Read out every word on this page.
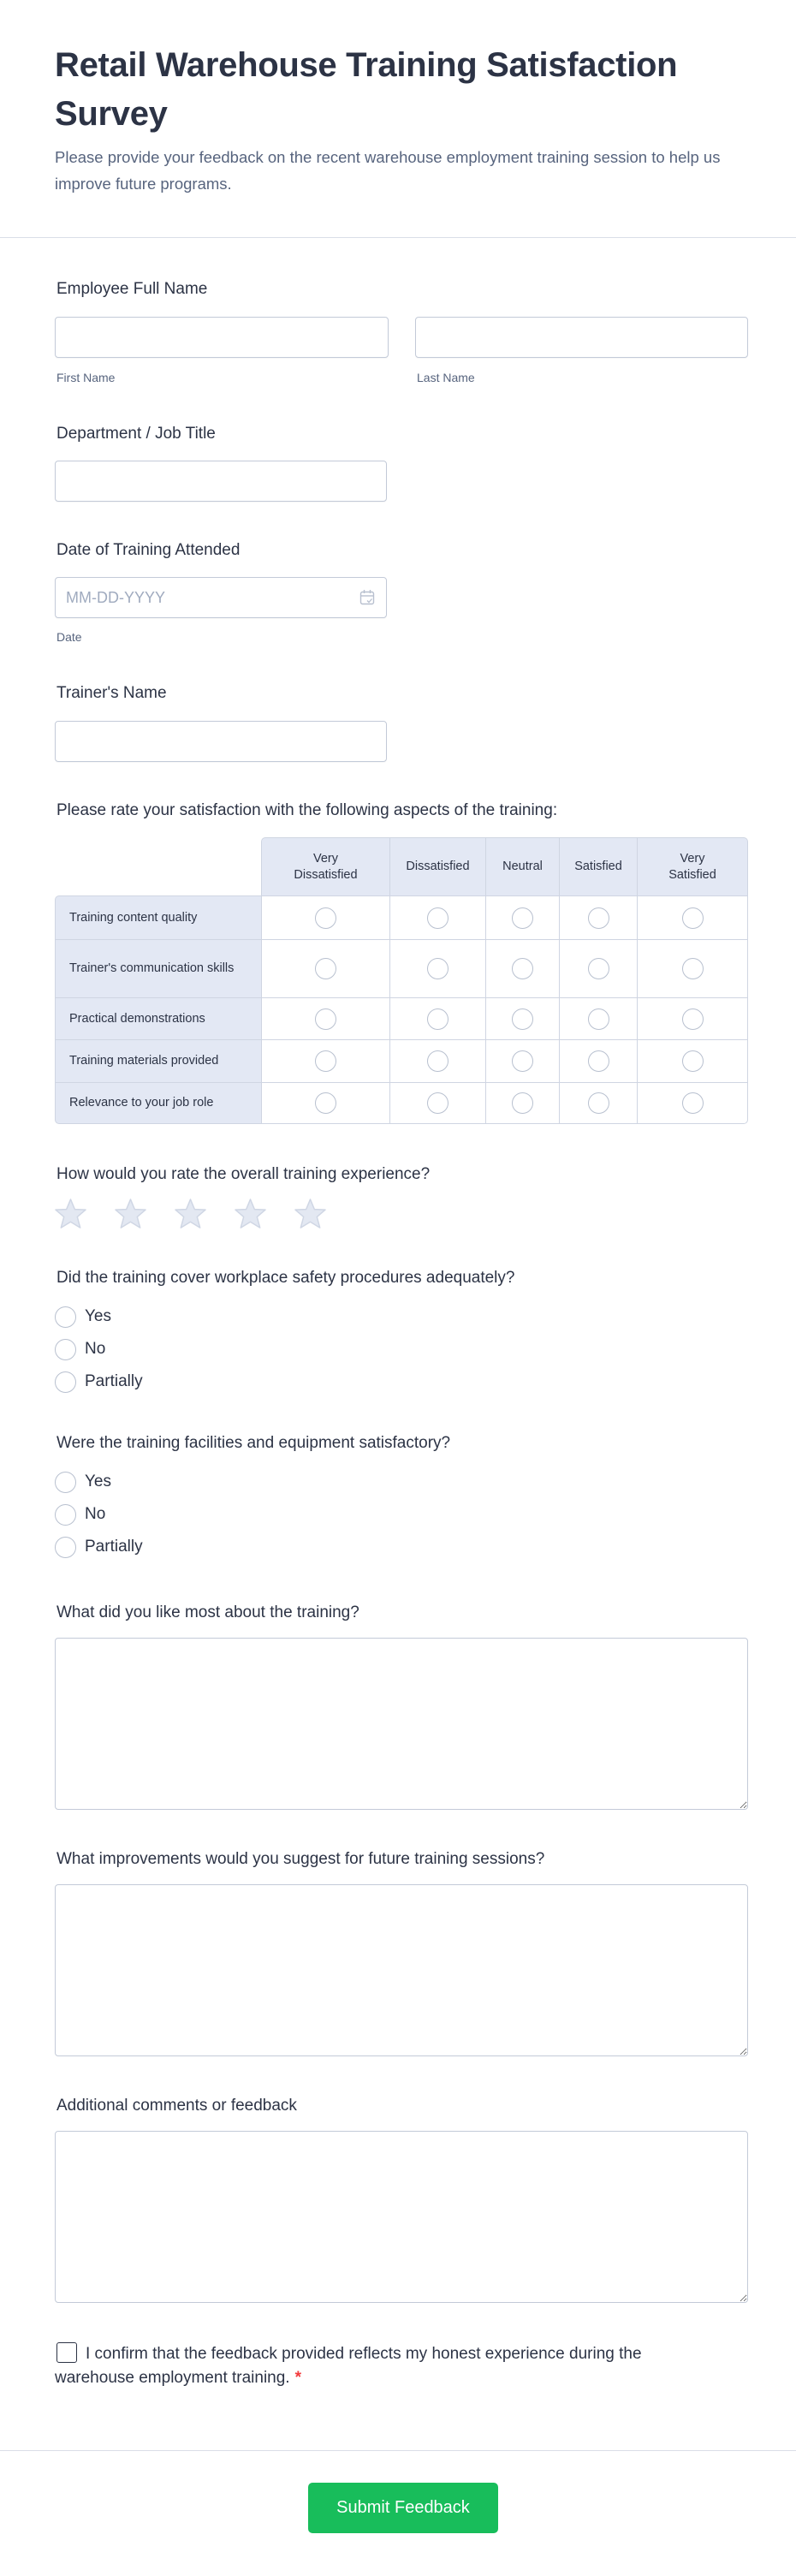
Retail Warehouse Training Satisfaction Survey

Please provide your feedback on the recent warehouse employment training session to help us improve future programs.

Employee Full Name
First Name	Last Name
Department / Job Title
Date of Training Attended
MM-DD-YYYY
Date
Trainer's Name
Please rate your satisfaction with the following aspects of the training:
	Very Dissatisfied	Dissatisfied	Neutral	Satisfied	Very Satisfied
Training content quality					
Trainer's communication skills					
Practical demonstrations					
Training materials provided					
Relevance to your job role					
How would you rate the overall training experience?
Did the training cover workplace safety procedures adequately?
Yes
No
Partially
Were the training facilities and equipment satisfactory?
Yes
No
Partially
What did you like most about the training?
What improvements would you suggest for future training sessions?
Additional comments or feedback
I confirm that the feedback provided reflects my honest experience during the warehouse employment training. *
Submit Feedback
